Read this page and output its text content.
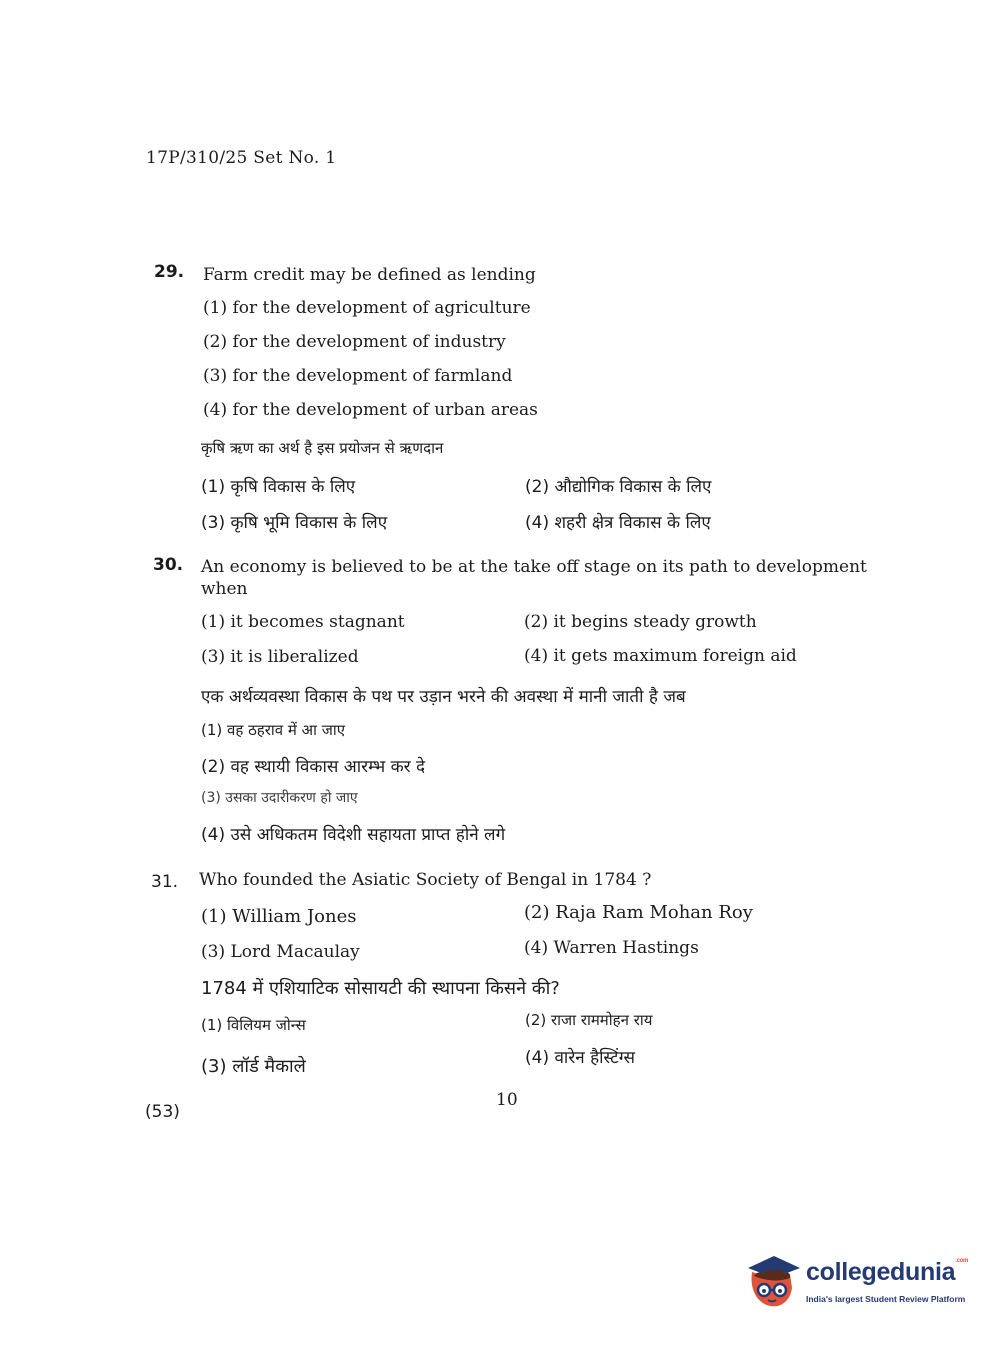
17P/310/25 Set No. 1
29. Farm credit may be defined as lending
(1) for the development of agriculture
(2) for the development of industry
(3) for the development of farmland
(4) for the development of urban areas
कृषि ऋण का अर्थ है इस प्रयोजन से ऋणदान
(1) कृषि विकास के लिए	(2) औद्योगिक विकास के लिए
(3) कृषि भूमि विकास के लिए	(4) शहरी क्षेत्र विकास के लिए
30. An economy is believed to be at the take off stage on its path to development when
(1) it becomes stagnant	(2) it begins steady growth
(3) it is liberalized	(4) it gets maximum foreign aid
एक अर्थव्यवस्था विकास के पथ पर उड़ान भरने की अवस्था में मानी जाती है जब
(1) वह ठहराव में आ जाए
(2) वह स्थायी विकास आरम्भ कर दे
(3) उसका उदारीकरण हो जाए
(4) उसे अधिकतम विदेशी सहायता प्राप्त होने लगे
31. Who founded the Asiatic Society of Bengal in 1784 ?
(1) William Jones	(2) Raja Ram Mohan Roy
(3) Lord Macaulay	(4) Warren Hastings
1784 में एशियाटिक सोसायटी की स्थापना किसने की?
(1) विलियम जोन्स	(2) राजा राममोहन राय
(3) लॉर्ड मैकाले	(4) वारेन हैस्टिंग्स
10
(53)
collegedunia$^{.com}$
India's largest Student Review Platform
